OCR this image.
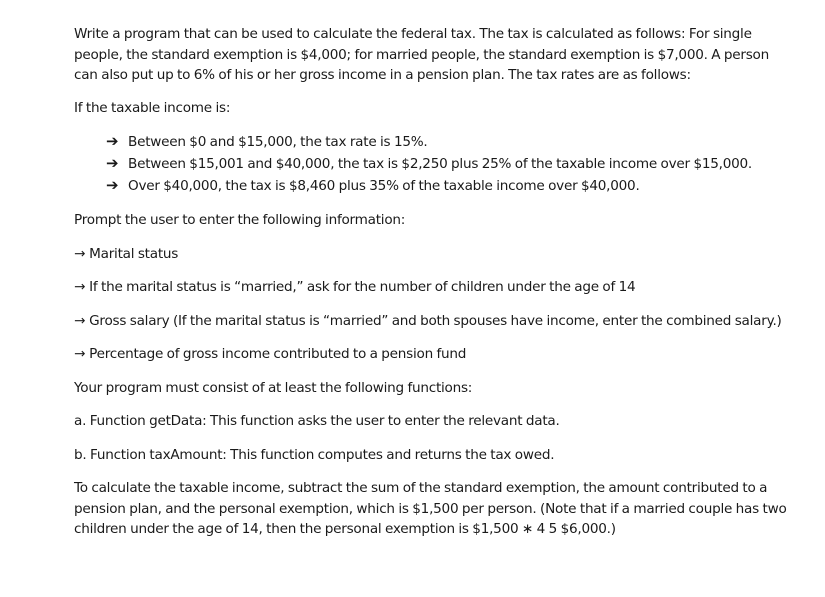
Write a program that can be used to calculate the federal tax. The tax is calculated as follows: For single people, the standard exemption is $4,000; for married people, the standard exemption is $7,000. A person can also put up to 6% of his or her gross income in a pension plan. The tax rates are as follows:

If the taxable income is:

➔ Between $0 and $15,000, the tax rate is 15%.
➔ Between $15,001 and $40,000, the tax is $2,250 plus 25% of the taxable income over $15,000.
➔ Over $40,000, the tax is $8,460 plus 35% of the taxable income over $40,000.

Prompt the user to enter the following information:

→ Marital status

→ If the marital status is “married,” ask for the number of children under the age of 14

→ Gross salary (If the marital status is “married” and both spouses have income, enter the combined salary.)

→ Percentage of gross income contributed to a pension fund

Your program must consist of at least the following functions:

a. Function getData: This function asks the user to enter the relevant data.

b. Function taxAmount: This function computes and returns the tax owed.

To calculate the taxable income, subtract the sum of the standard exemption, the amount contributed to a pension plan, and the personal exemption, which is $1,500 per person. (Note that if a married couple has two children under the age of 14, then the personal exemption is $1,500 ∗ 4 5 $6,000.)
